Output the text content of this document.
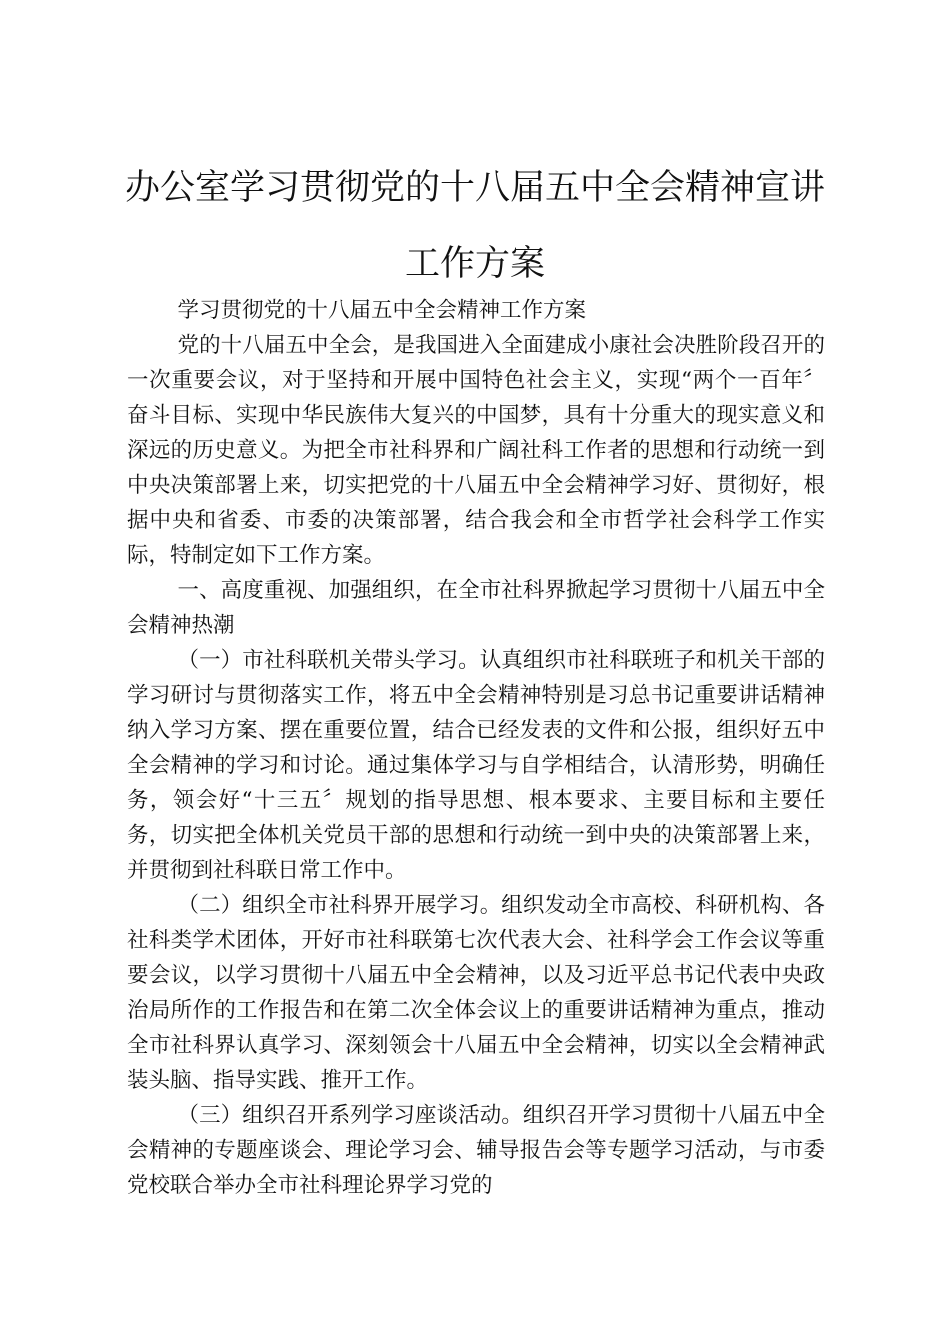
办公室学习贯彻党的十八届五中全会精神宣讲工作方案

学习贯彻党的十八届五中全会精神工作方案

党的十八届五中全会，是我国进入全面建成小康社会决胜阶段召开的一次重要会议，对于坚持和开展中国特色社会主义，实现“两个一百年〞奋斗目标、实现中华民族伟大复兴的中国梦，具有十分重大的现实意义和深远的历史意义。为把全市社科界和广阔社科工作者的思想和行动统一到中央决策部署上来，切实把党的十八届五中全会精神学习好、贯彻好，根据中央和省委、市委的决策部署，结合我会和全市哲学社会科学工作实际，特制定如下工作方案。

一、高度重视、加强组织，在全市社科界掀起学习贯彻十八届五中全会精神热潮

（一）市社科联机关带头学习。认真组织市社科联班子和机关干部的学习研讨与贯彻落实工作，将五中全会精神特别是习总书记重要讲话精神纳入学习方案、摆在重要位置，结合已经发表的文件和公报，组织好五中全会精神的学习和讨论。通过集体学习与自学相结合，认清形势，明确任务，领会好“十三五〞规划的指导思想、根本要求、主要目标和主要任务，切实把全体机关党员干部的思想和行动统一到中央的决策部署上来，并贯彻到社科联日常工作中。

（二）组织全市社科界开展学习。组织发动全市高校、科研机构、各社科类学术团体，开好市社科联第七次代表大会、社科学会工作会议等重要会议，以学习贯彻十八届五中全会精神，以及习近平总书记代表中央政治局所作的工作报告和在第二次全体会议上的重要讲话精神为重点，推动全市社科界认真学习、深刻领会十八届五中全会精神，切实以全会精神武装头脑、指导实践、推开工作。

（三）组织召开系列学习座谈活动。组织召开学习贯彻十八届五中全会精神的专题座谈会、理论学习会、辅导报告会等专题学习活动，与市委党校联合举办全市社科理论界学习党的
